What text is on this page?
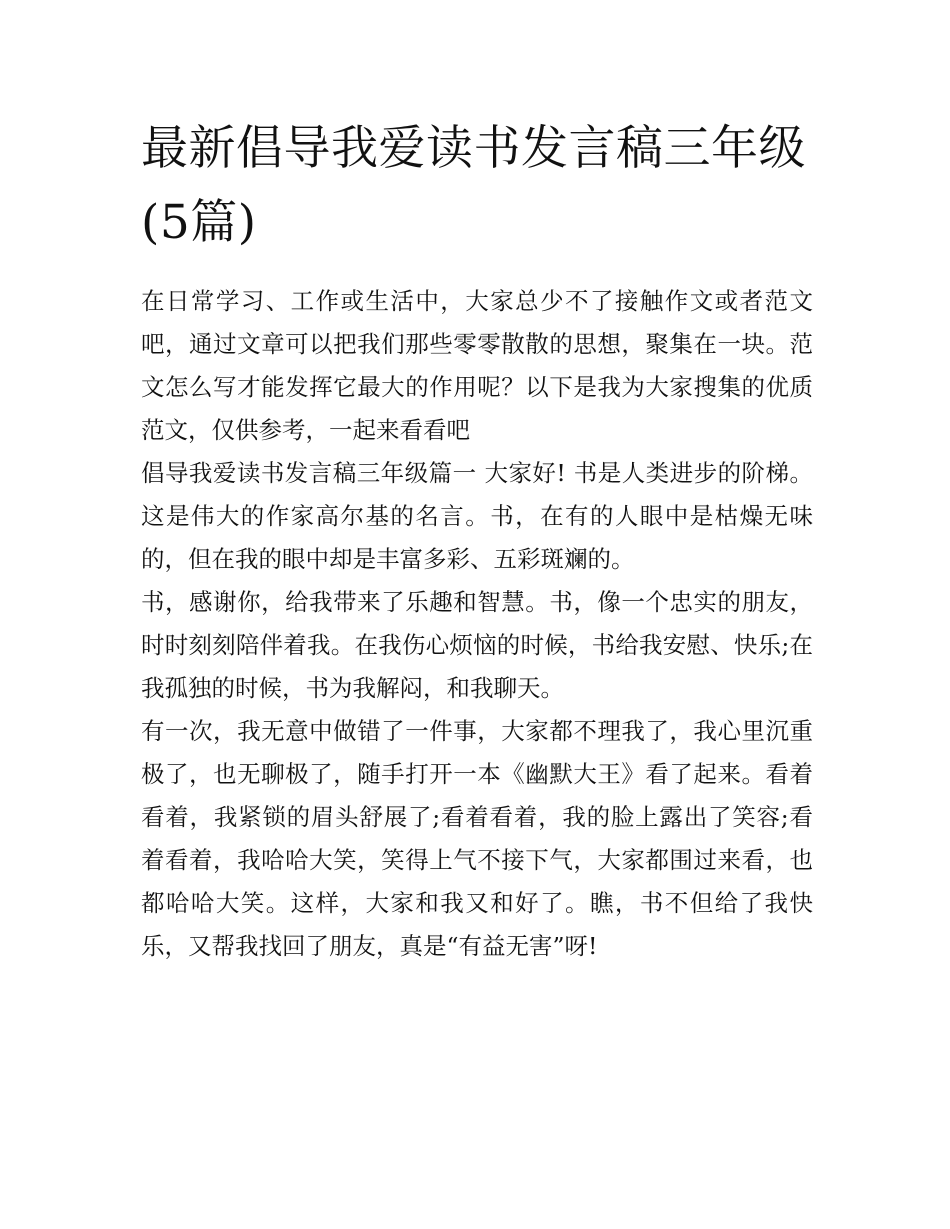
最新倡导我爱读书发言稿三年级(5篇)

在日常学习、工作或生活中，大家总少不了接触作文或者范文吧，通过文章可以把我们那些零零散散的思想，聚集在一块。范文怎么写才能发挥它最大的作用呢？以下是我为大家搜集的优质范文，仅供参考，一起来看看吧

倡导我爱读书发言稿三年级篇一 大家好! 书是人类进步的阶梯。这是伟大的作家高尔基的名言。书，在有的人眼中是枯燥无味的，但在我的眼中却是丰富多彩、五彩斑斓的。

书，感谢你，给我带来了乐趣和智慧。书，像一个忠实的朋友，时时刻刻陪伴着我。在我伤心烦恼的时候，书给我安慰、快乐;在我孤独的时候，书为我解闷，和我聊天。

有一次，我无意中做错了一件事，大家都不理我了，我心里沉重极了，也无聊极了，随手打开一本《幽默大王》看了起来。看着看着，我紧锁的眉头舒展了;看着看着，我的脸上露出了笑容;看着看着，我哈哈大笑，笑得上气不接下气，大家都围过来看，也都哈哈大笑。这样，大家和我又和好了。瞧，书不但给了我快乐，又帮我找回了朋友，真是“有益无害”呀!
